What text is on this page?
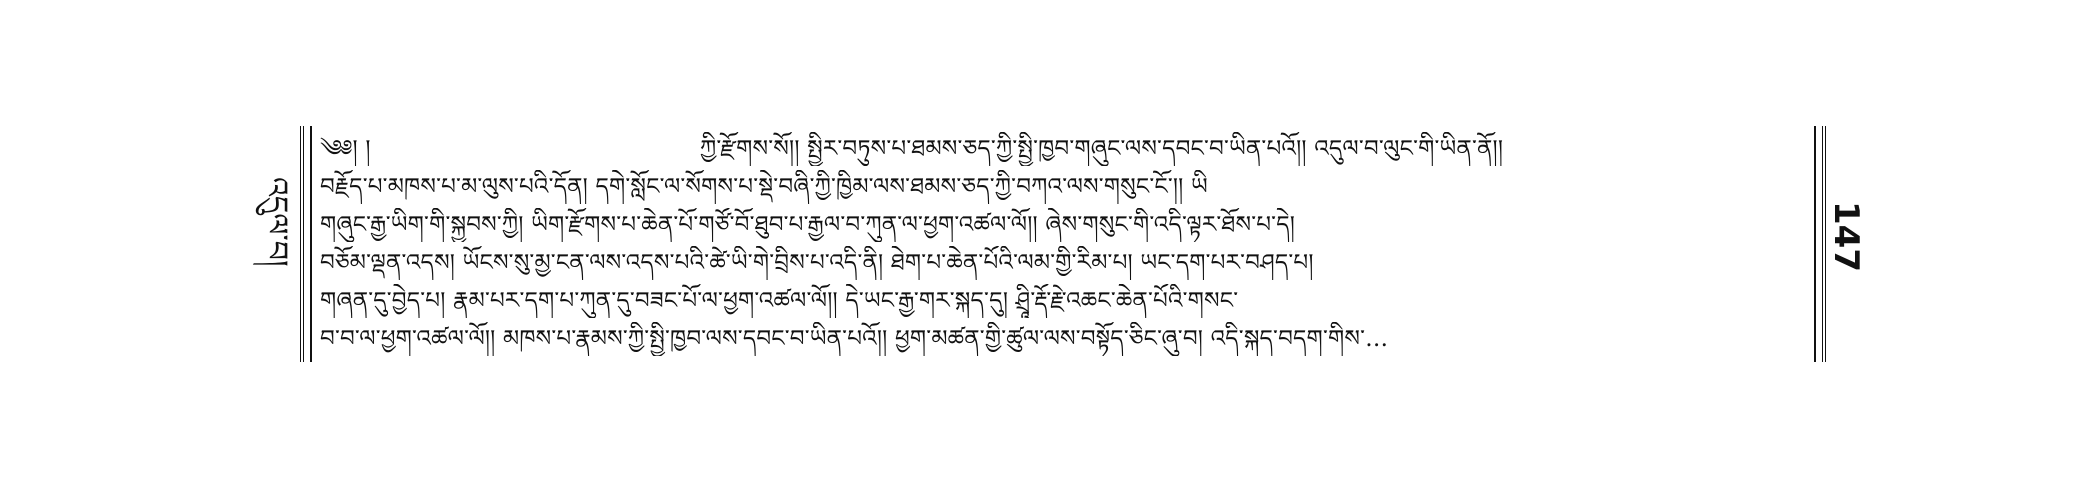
འདུལ་བ།
༄༅། །	ཀྱི་རྫོགས་སོ།། སྤྱིར་བཏུས་པ་ཐམས་ཅད་ཀྱི་སྤྱི་ཁྱབ་གཞུང་ལས་དབང་བ་ཡིན་པའོ།། འདུལ་བ་ལུང་གི་ཡིན་ནོ།།
བརྗོད་པ་མཁས་པ་མ་ལུས་པའི་དོན། དགེ་སློང་ལ་སོགས་པ་སྡེ་བཞི་ཀྱི་ཁྱིམ་ལས་ཐམས་ཅད་ཀྱི་བཀའ་ལས་གསུང་ངོ་།། ཡི
གཞུང་རྒྱ་ཡིག་གི་སྐྱབས་ཀྱི། ཡིག་རྫོགས་པ་ཆེན་པོ་གཙོ་བོ་ཐུབ་པ་རྒྱལ་བ་ཀུན་ལ་ཕྱག་འཚལ་ལོ།། ཞེས་གསུང་གི་འདི་ལྟར་ཐོས་པ་དེ།
བཅོམ་ལྡན་འདས། ཡོངས་སུ་མྱ་ངན་ལས་འདས་པའི་ཚེ་ཡི་གེ་བྲིས་པ་འདི་ནི། ཐེག་པ་ཆེན་པོའི་ལམ་གྱི་རིམ་པ། ཡང་དག་པར་བཤད་པ།
གཞན་དུ་བྱེད་པ། རྣམ་པར་དག་པ་ཀུན་དུ་བཟང་པོ་ལ་ཕྱག་འཚལ་ལོ།། དེ་ཡང་རྒྱ་གར་སྐད་དུ། ཤྲཱི་རྡོ་རྗེ་འཆང་ཆེན་པོའི་གསང་
བ་བ་ལ་ཕྱག་འཚལ་ལོ།། མཁས་པ་རྣམས་ཀྱི་སྤྱི་ཁྱབ་ལས་དབང་བ་ཡིན་པའོ།། ཕྱག་མཚན་གྱི་ཚུལ་ལས་བསྟོད་ཅིང་ཞུ་བ། འདི་སྐད་བདག་གིས་…
147
